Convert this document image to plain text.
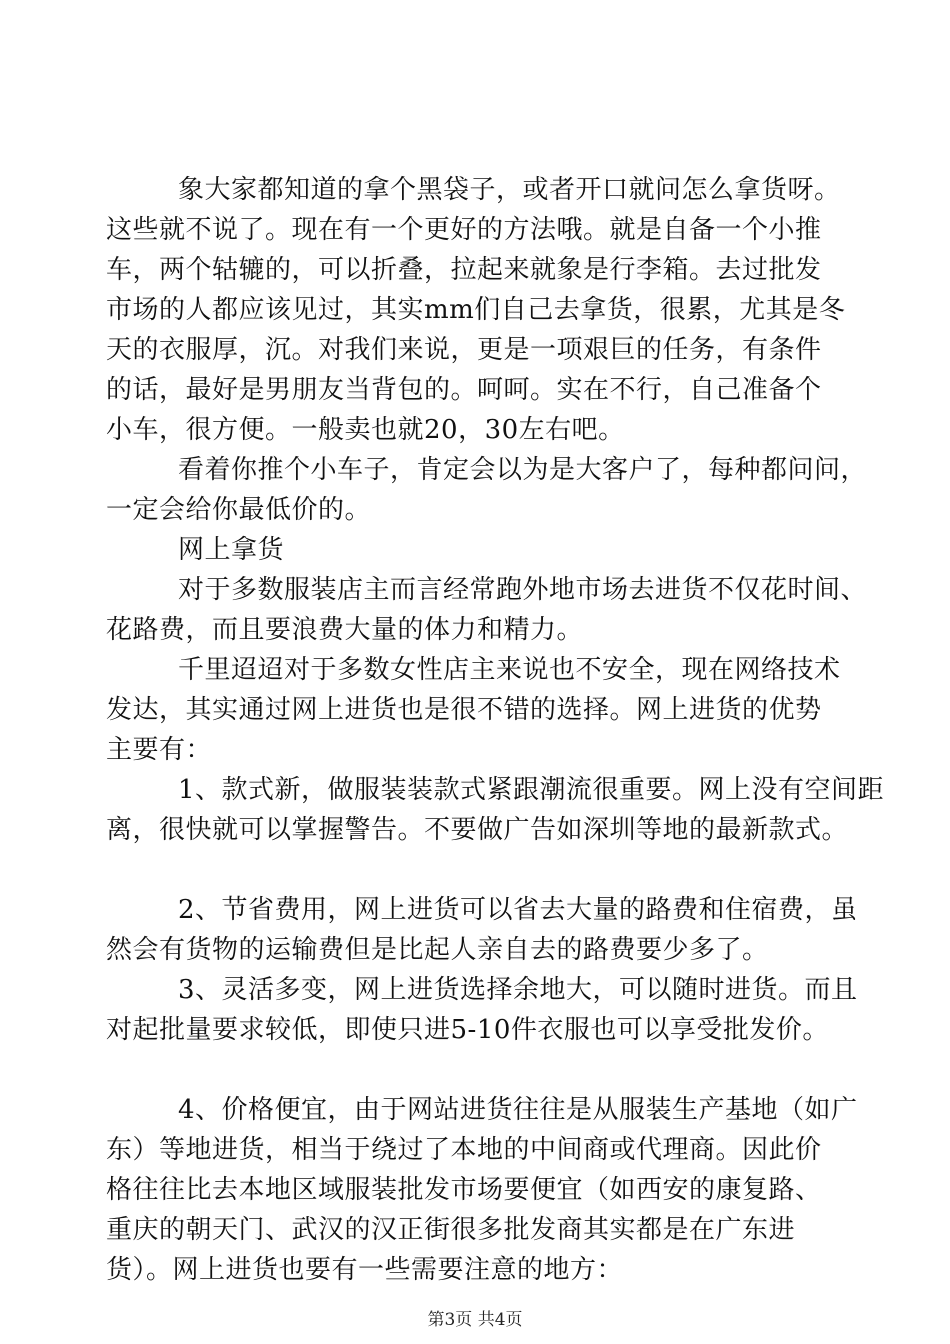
象大家都知道的拿个黑袋子，或者开口就问怎么拿货呀。

这些就不说了。现在有一个更好的方法哦。就是自备一个小推

车，两个轱辘的，可以折叠，拉起来就象是行李箱。去过批发

市场的人都应该见过，其实mm们自己去拿货，很累，尤其是冬

天的衣服厚，沉。对我们来说，更是一项艰巨的任务，有条件

的话，最好是男朋友当背包的。呵呵。实在不行，自己准备个

小车，很方便。一般卖也就20，30左右吧。

看着你推个小车子，肯定会以为是大客户了，每种都问问，

一定会给你最低价的。

网上拿货

对于多数服装店主而言经常跑外地市场去进货不仅花时间、

花路费，而且要浪费大量的体力和精力。

千里迢迢对于多数女性店主来说也不安全，现在网络技术

发达，其实通过网上进货也是很不错的选择。网上进货的优势

主要有：

1、款式新，做服装装款式紧跟潮流很重要。网上没有空间距

离，很快就可以掌握警告。不要做广告如深圳等地的最新款式。

2、节省费用，网上进货可以省去大量的路费和住宿费，虽

然会有货物的运输费但是比起人亲自去的路费要少多了。

3、灵活多变，网上进货选择余地大，可以随时进货。而且

对起批量要求较低，即使只进5-10件衣服也可以享受批发价。

4、价格便宜，由于网站进货往往是从服装生产基地（如广

东）等地进货，相当于绕过了本地的中间商或代理商。因此价

格往往比去本地区域服装批发市场要便宜（如西安的康复路、

重庆的朝天门、武汉的汉正街很多批发商其实都是在广东进

货）。网上进货也要有一些需要注意的地方：

第3页 共4页
